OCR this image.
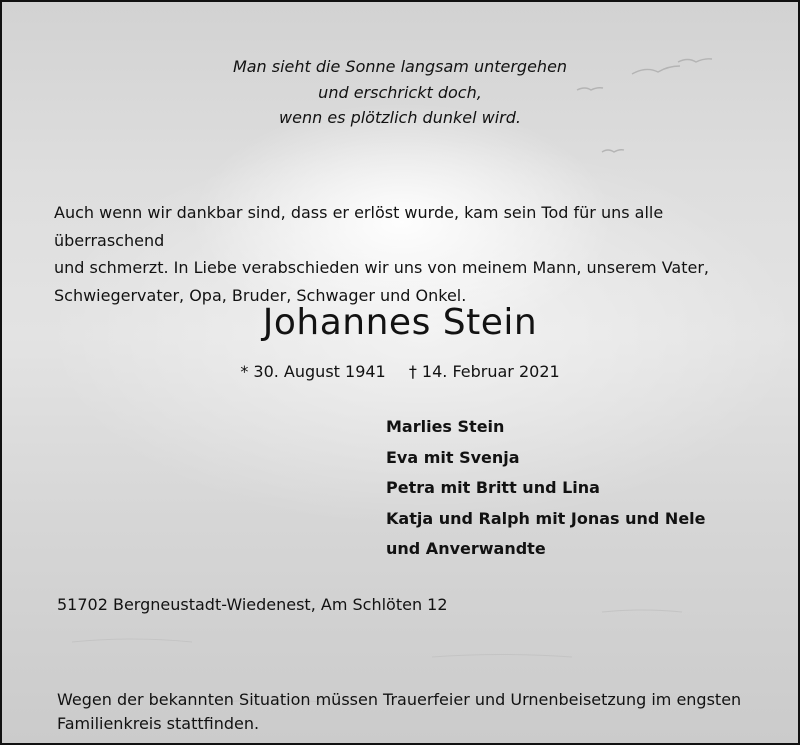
Man sieht die Sonne langsam untergehen
und erschrickt doch,
wenn es plötzlich dunkel wird.
Auch wenn wir dankbar sind, dass er erlöst wurde, kam sein Tod für uns alle überraschend
und schmerzt. In Liebe verabschieden wir uns von meinem Mann, unserem Vater,
Schwiegervater, Opa, Bruder, Schwager und Onkel.
Johannes Stein
* 30. August 1941 † 14. Februar 2021
Marlies Stein
Eva mit Svenja
Petra mit Britt und Lina
Katja und Ralph mit Jonas und Nele
und Anverwandte
51702 Bergneustadt-Wiedenest, Am Schlöten 12
Wegen der bekannten Situation müssen Trauerfeier und Urnenbeisetzung im engsten
Familienkreis stattfinden.
